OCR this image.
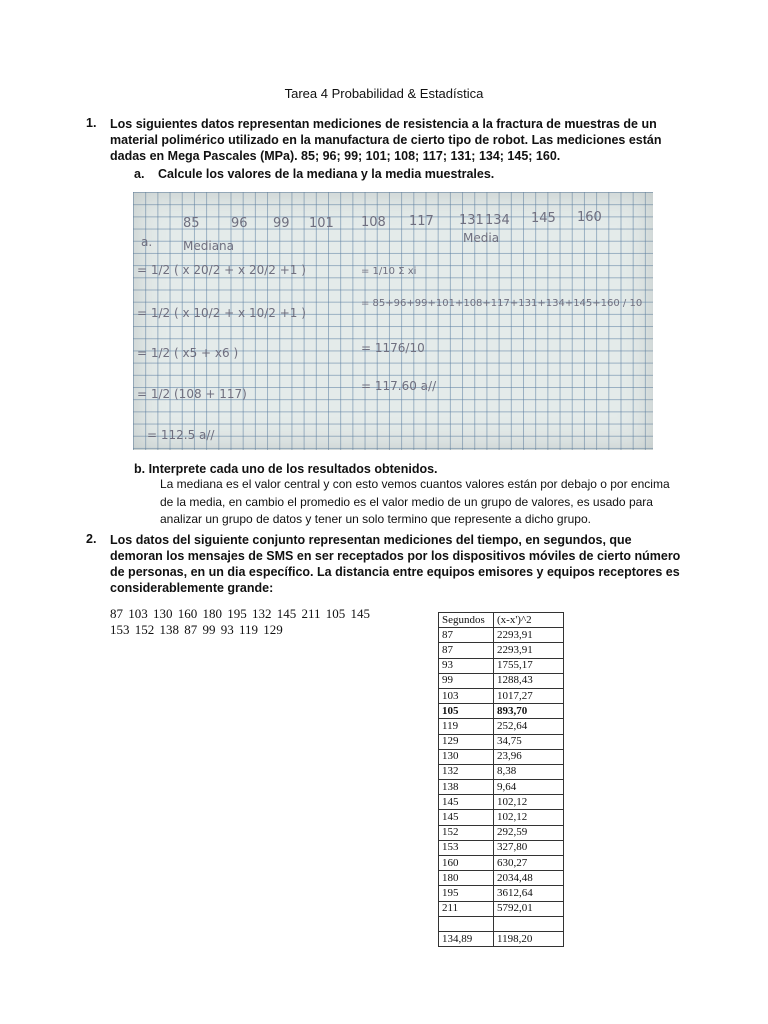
Tarea 4 Probabilidad & Estadística
1. Los siguientes datos representan mediciones de resistencia a la fractura de muestras de un
material polimérico utilizado en la manufactura de cierto tipo de robot. Las mediciones están
dadas en Mega Pascales (MPa). 85; 96; 99; 101; 108; 117; 131; 134; 145; 160.
a. Calcule los valores de la mediana y la media muestrales.
85 96 99 101 108 117 131 134 145 160
a.	Mediana
Media
= 1/2 ( x 20/2 + x 20/2 +1 )
= 1/2 ( x 10/2 + x 10/2 +1 )
= 1/2 ( x5 + x6 )
= 1/2 (108 + 117)
= 112.5 a//
= 1/10 Σ xi
= 85+96+99+101+108+117+131+134+145+160 / 10
= 1176/10
= 117.60 a//
b. Interprete cada uno de los resultados obtenidos.
La mediana es el valor central y con esto vemos cuantos valores están por debajo o por encima
de la media, en cambio el promedio es el valor medio de un grupo de valores, es usado para
analizar un grupo de datos y tener un solo termino que represente a dicho grupo.
2. Los datos del siguiente conjunto representan mediciones del tiempo, en segundos, que
demoran los mensajes de SMS en ser receptados por los dispositivos móviles de cierto número
de personas, en un dia específico. La distancia entre equipos emisores y equipos receptores es
considerablemente grande:
87 103 130 160 180 195 132 145 211 105 145
153 152 138 87 99 93 119 129
Segundos	(x-x')^2
87	2293,91
87	2293,91
93	1755,17
99	1288,43
103	1017,27
105	893,70
119	252,64
129	34,75
130	23,96
132	8,38
138	9,64
145	102,12
145	102,12
152	292,59
153	327,80
160	630,27
180	2034,48
195	3612,64
211	5792,01

134,89	1198,20
